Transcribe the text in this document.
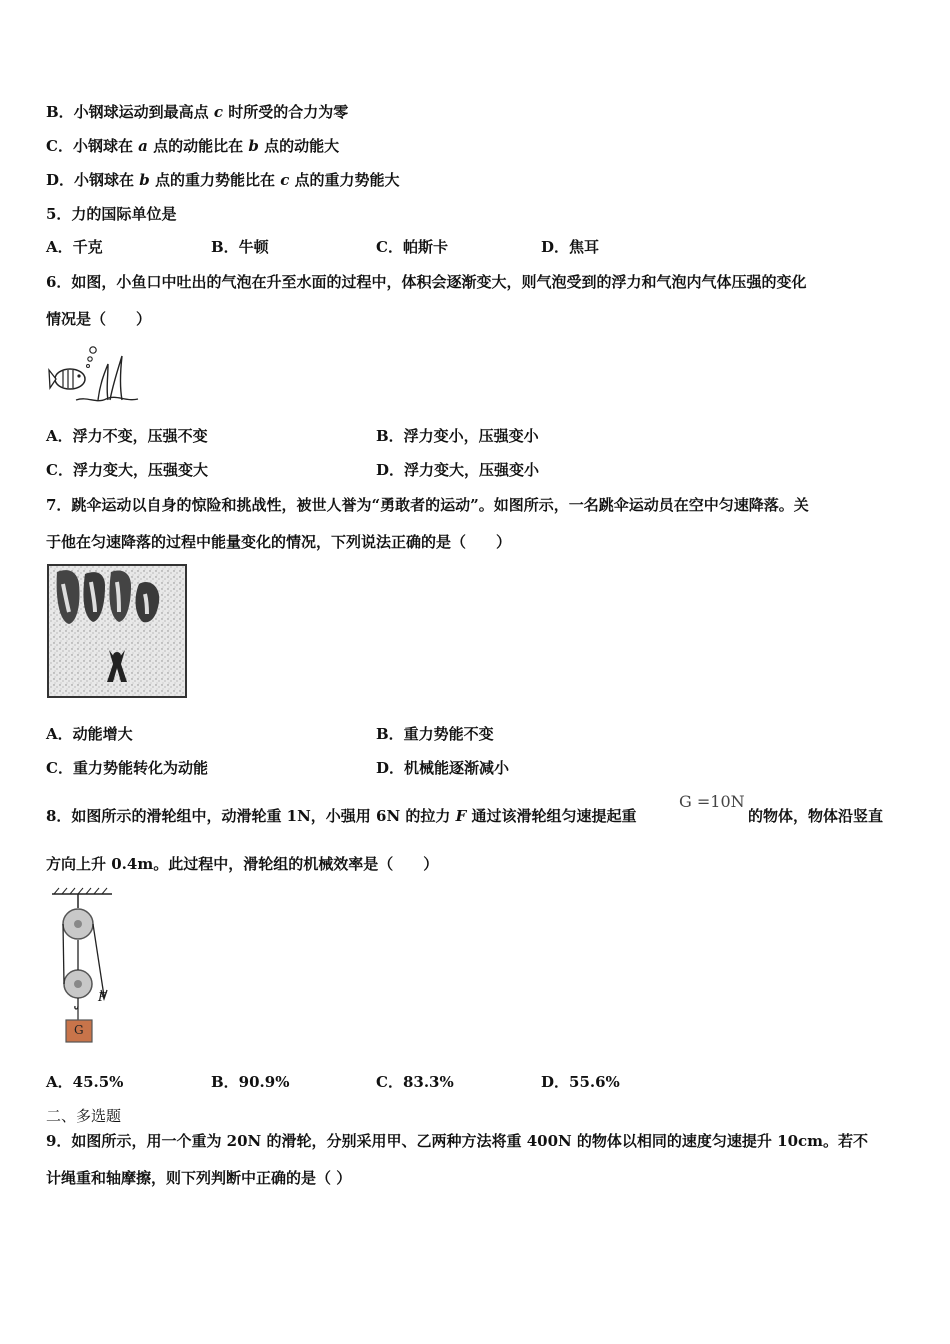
B．小钢球运动到最高点 c 时所受的合力为零
C．小钢球在 a 点的动能比在 b 点的动能大
D．小钢球在 b 点的重力势能比在 c 点的重力势能大
5．力的国际单位是
A．千克	B．牛顿	C．帕斯卡	D．焦耳
6．如图，小鱼口中吐出的气泡在升至水面的过程中，体积会逐渐变大，则气泡受到的浮力和气泡内气体压强的变化
情况是（　　）
A．浮力不变，压强不变	B．浮力变小，压强变小
C．浮力变大，压强变大	D．浮力变大，压强变小
7．跳伞运动以自身的惊险和挑战性，被世人誉为“勇敢者的运动”。如图所示，一名跳伞运动员在空中匀速降落。关
于他在匀速降落的过程中能量变化的情况，下列说法正确的是（　　）
A．动能增大	B．重力势能不变
C．重力势能转化为动能	D．机械能逐渐减小
8．如图所示的滑轮组中，动滑轮重 1N，小强用 6N 的拉力 F 通过该滑轮组匀速提起重
G =10N
的物体，物体沿竖直
方向上升 0.4m。此过程中，滑轮组的机械效率是（　　）
F
G
A．45.5%	B．90.9%	C．83.3%	D．55.6%
二、多选题
9．如图所示，用一个重为 20N 的滑轮，分别采用甲、乙两种方法将重 400N 的物体以相同的速度匀速提升 10cm。若不
计绳重和轴摩擦，则下列判断中正确的是（ ）
